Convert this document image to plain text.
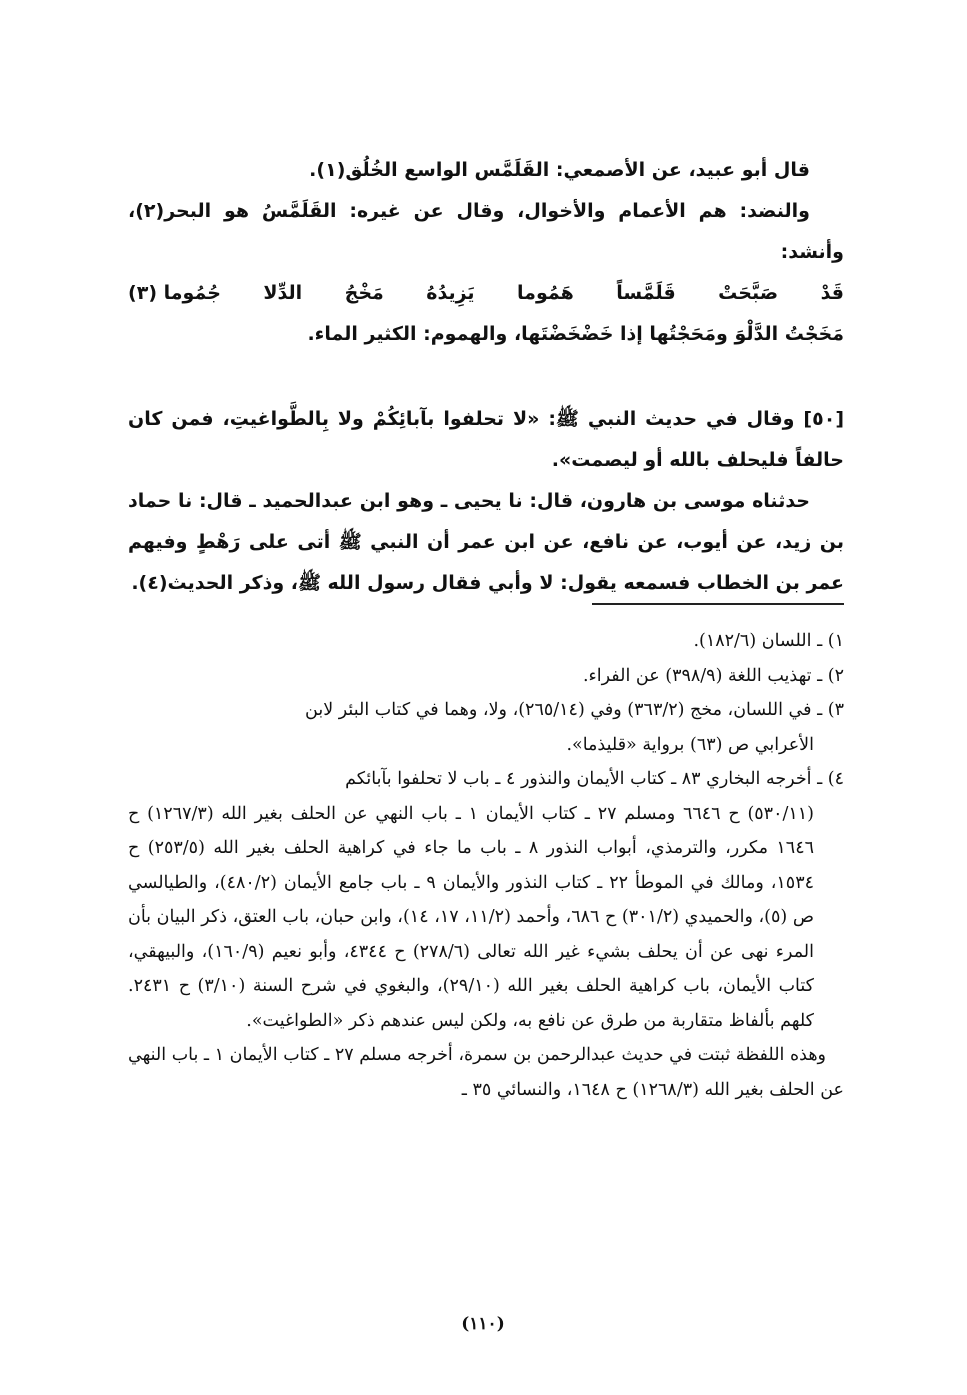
قال أبو عبيد، عن الأصمعي: القَلَمَّس الواسع الخُلُق(١).

والنضد: هم الأعمام والأخوال، وقال عن غيره: القَلَمَّسُ هو البحر(٢)، وأنشد:

قَدْ
صَبَّحَتْ
قَلَمَّساً
هَمُوما
يَزِيدُهُ
مَخْجُ
الدِّلا
جُمُوما (٣)

مَخَجْتُ الدَّلْوَ ومَحَجْتُها إذا خَضْخَضْتَها، والهموم: الكثير الماء.

[٥٠] وقال في حديث النبي ﷺ: «لا تحلفوا بآبائِكُمْ ولا بِالطَّواغيتِ، فمن كان حالفاً فليحلف بالله أو ليصمت».

حدثناه موسى بن هارون، قال: نا يحيى ـ وهو ابن عبدالحميد ـ قال: نا حماد بن زيد، عن أيوب، عن نافع، عن ابن عمر أن النبي ﷺ أتى على رَهْطٍ وفيهم عمر بن الخطاب فسمعه يقول: لا وأبي فقال رسول الله ﷺ، وذكر الحديث(٤).

١) ـ اللسان (١٨٢/٦).

٢) ـ تهذيب اللغة (٣٩٨/٩) عن الفراء.

٣) ـ في اللسان، مخج (٣٦٣/٢) وفي (٢٦٥/١٤)، ولا، وهما في كتاب البئر لابن

الأعرابي ص (٦٣) برواية «قليذما».

٤) ـ أخرجه البخاري ٨٣ ـ كتاب الأيمان والنذور ٤ ـ باب لا تحلفوا بآبائكم

(٥٣٠/١١) ح ٦٦٤٦ ومسلم ٢٧ ـ كتاب الأيمان ١ ـ باب النهي عن الحلف بغير الله (١٢٦٧/٣) ح ١٦٤٦ مكرر، والترمذي، أبواب النذور ٨ ـ باب ما جاء في كراهية الحلف بغير الله (٢٥٣/٥) ح ١٥٣٤، ومالك في الموطأ ٢٢ ـ كتاب النذور والأيمان ٩ ـ باب جامع الأيمان (٤٨٠/٢)، والطيالسي ص (٥)، والحميدي (٣٠١/٢) ح ٦٨٦، وأحمد (١١/٢، ١٧، ١٤)، وابن حبان، باب العتق، ذكر البيان بأن المرء نهى عن أن يحلف بشيء غير الله تعالى (٢٧٨/٦) ح ٤٣٤٤، وأبو نعيم (١٦٠/٩)، والبيهقي، كتاب الأيمان، باب كراهية الحلف بغير الله (٢٩/١٠)، والبغوي في شرح السنة (٣/١٠) ح ٢٤٣١. كلهم بألفاظ متقاربة من طرق عن نافع به، ولكن ليس عندهم ذكر «الطواغيت».

وهذه اللفظة ثبتت في حديث عبدالرحمن بن سمرة، أخرجه مسلم ٢٧ ـ كتاب الأيمان ١ ـ باب النهي عن الحلف بغير الله (١٢٦٨/٣) ح ١٦٤٨، والنسائي ٣٥ ـ

(١١٠)
